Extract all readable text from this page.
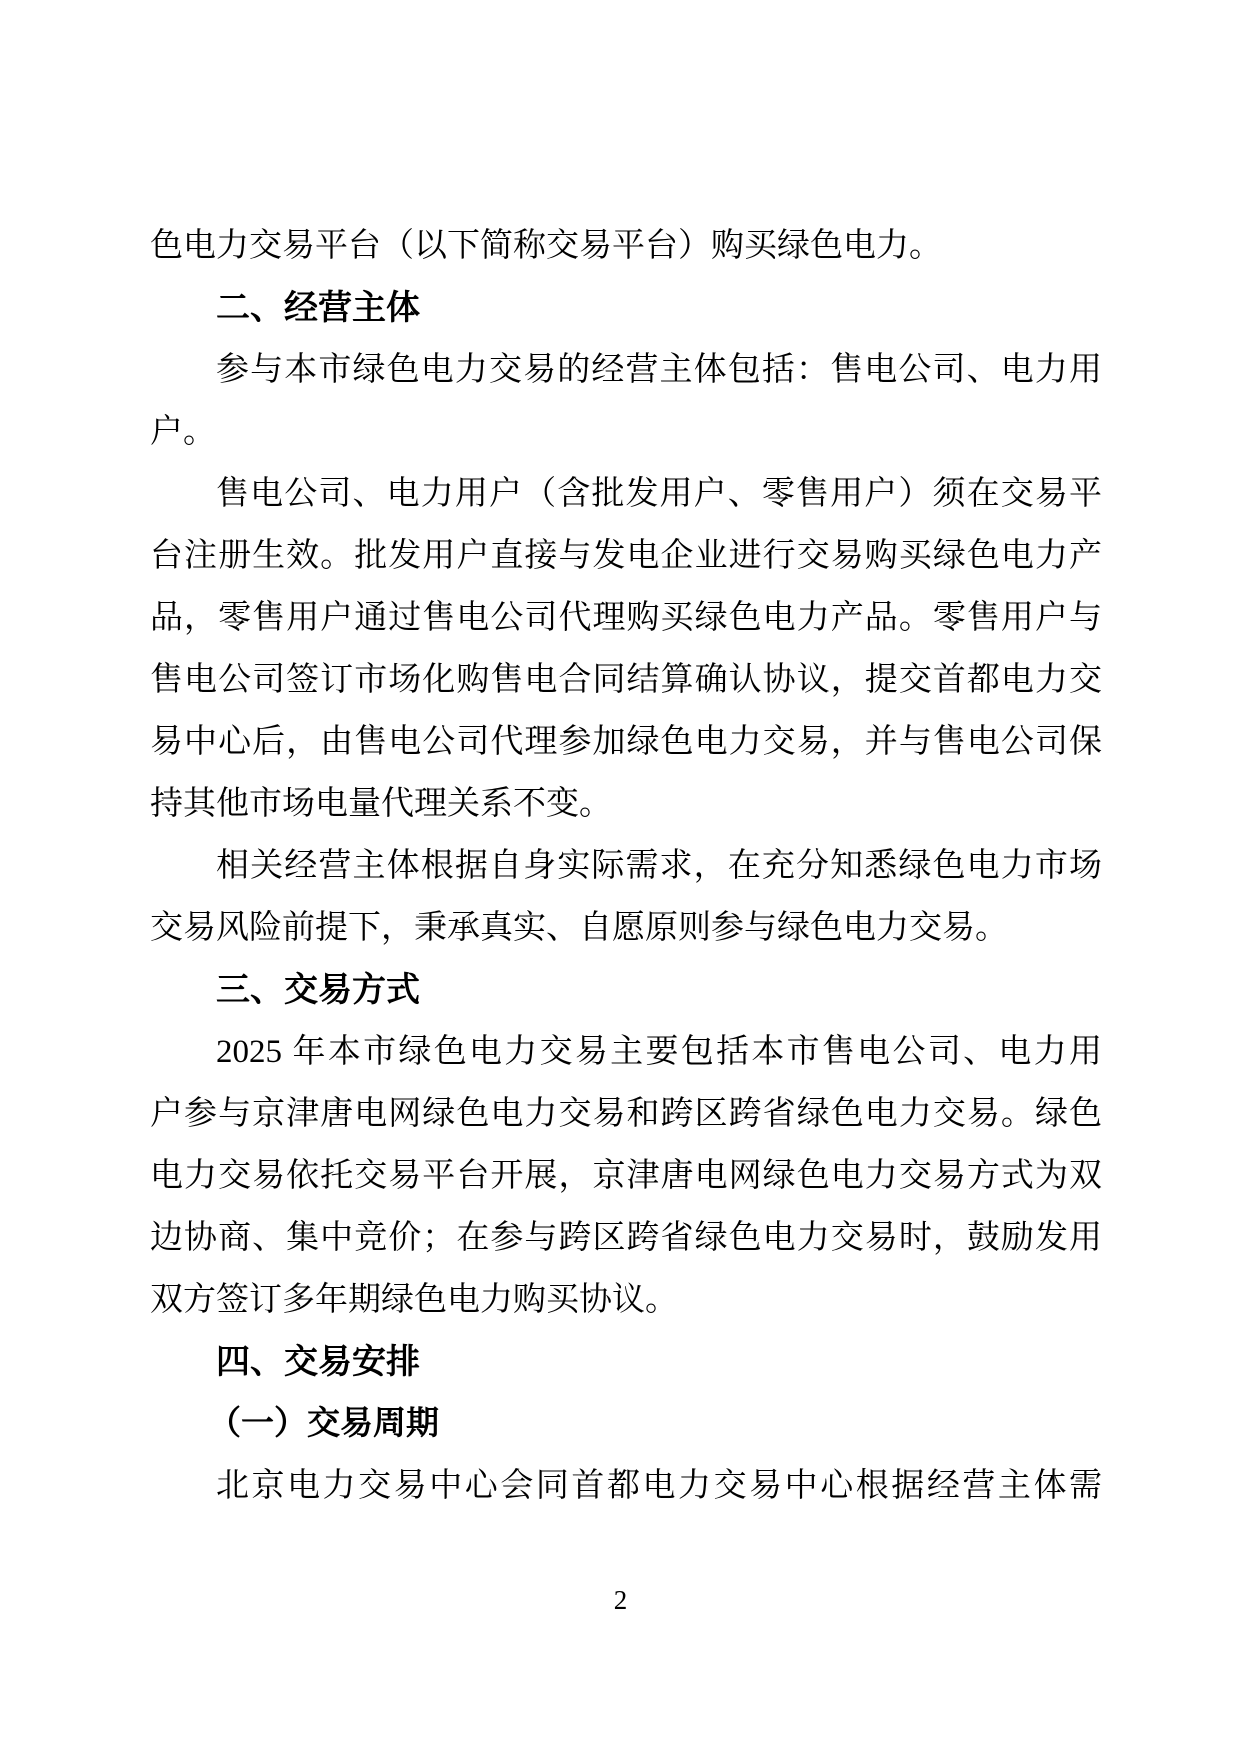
色电力交易平台（以下简称交易平台）购买绿色电力。
二、经营主体
参与本市绿色电力交易的经营主体包括：售电公司、电力用
户。
售电公司、电力用户（含批发用户、零售用户）须在交易平
台注册生效。批发用户直接与发电企业进行交易购买绿色电力产
品，零售用户通过售电公司代理购买绿色电力产品。零售用户与
售电公司签订市场化购售电合同结算确认协议，提交首都电力交
易中心后，由售电公司代理参加绿色电力交易，并与售电公司保
持其他市场电量代理关系不变。
相关经营主体根据自身实际需求，在充分知悉绿色电力市场
交易风险前提下，秉承真实、自愿原则参与绿色电力交易。
三、交易方式
2025 年本市绿色电力交易主要包括本市售电公司、电力用
户参与京津唐电网绿色电力交易和跨区跨省绿色电力交易。绿色
电力交易依托交易平台开展，京津唐电网绿色电力交易方式为双
边协商、集中竞价；在参与跨区跨省绿色电力交易时，鼓励发用
双方签订多年期绿色电力购买协议。
四、交易安排
（一）交易周期
北京电力交易中心会同首都电力交易中心根据经营主体需
2
